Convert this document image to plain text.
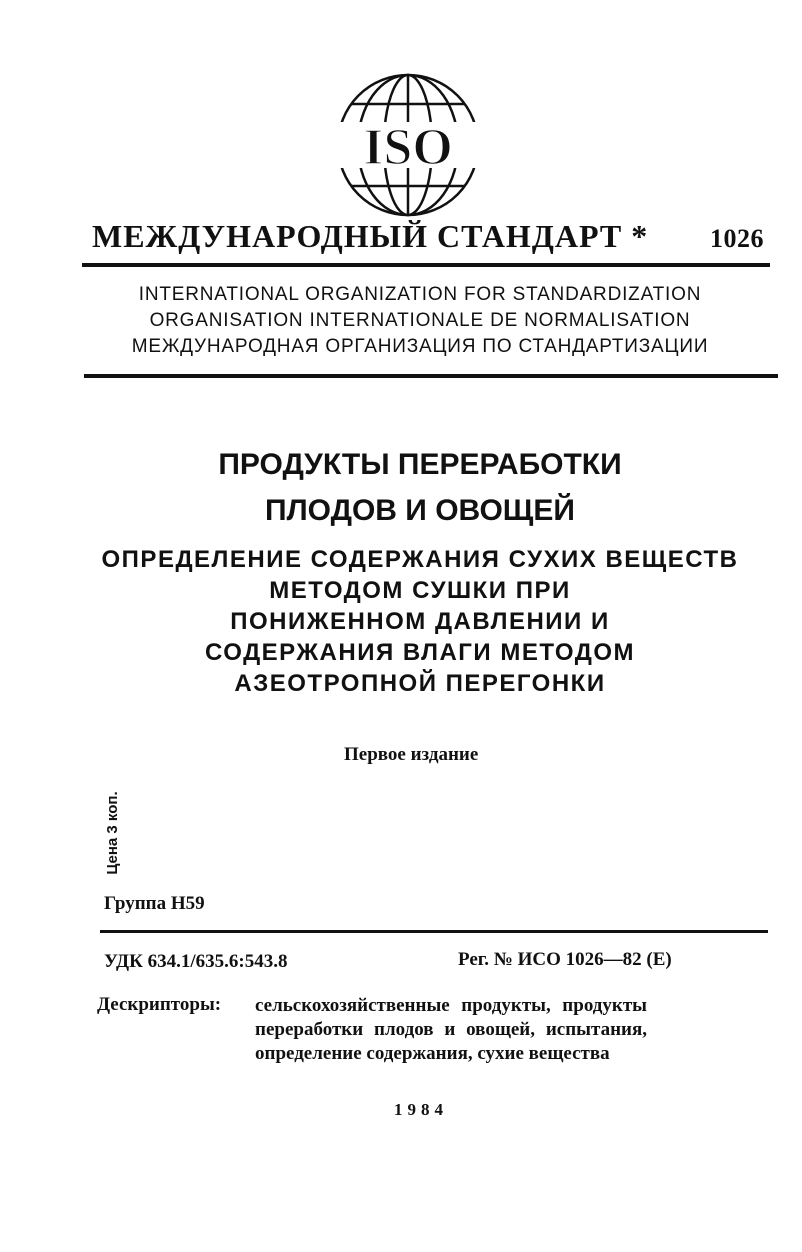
ISO
МЕЖДУНАРОДНЫЙ СТАНДАРТ * 1026
INTERNATIONAL ORGANIZATION FOR STANDARDIZATION
ORGANISATION INTERNATIONALE DE NORMALISATION
МЕЖДУНАРОДНАЯ ОРГАНИЗАЦИЯ ПО СТАНДАРТИЗАЦИИ
ПРОДУКТЫ ПЕРЕРАБОТКИ
ПЛОДОВ И ОВОЩЕЙ
ОПРЕДЕЛЕНИЕ СОДЕРЖАНИЯ СУХИХ ВЕЩЕСТВ
МЕТОДОМ СУШКИ ПРИ
ПОНИЖЕННОМ ДАВЛЕНИИ И
СОДЕРЖАНИЯ ВЛАГИ МЕТОДОМ
АЗЕОТРОПНОЙ ПЕРЕГОНКИ
Первое издание
Цена 3 коп.
Группа Н59
УДК 634.1/635.6:543.8	Рег. № ИСО 1026—82 (E)
Дескрипторы: сельскохозяйственные продукты, продукты переработки плодов и овощей, испытания, определение содержания, сухие вещества
1984
